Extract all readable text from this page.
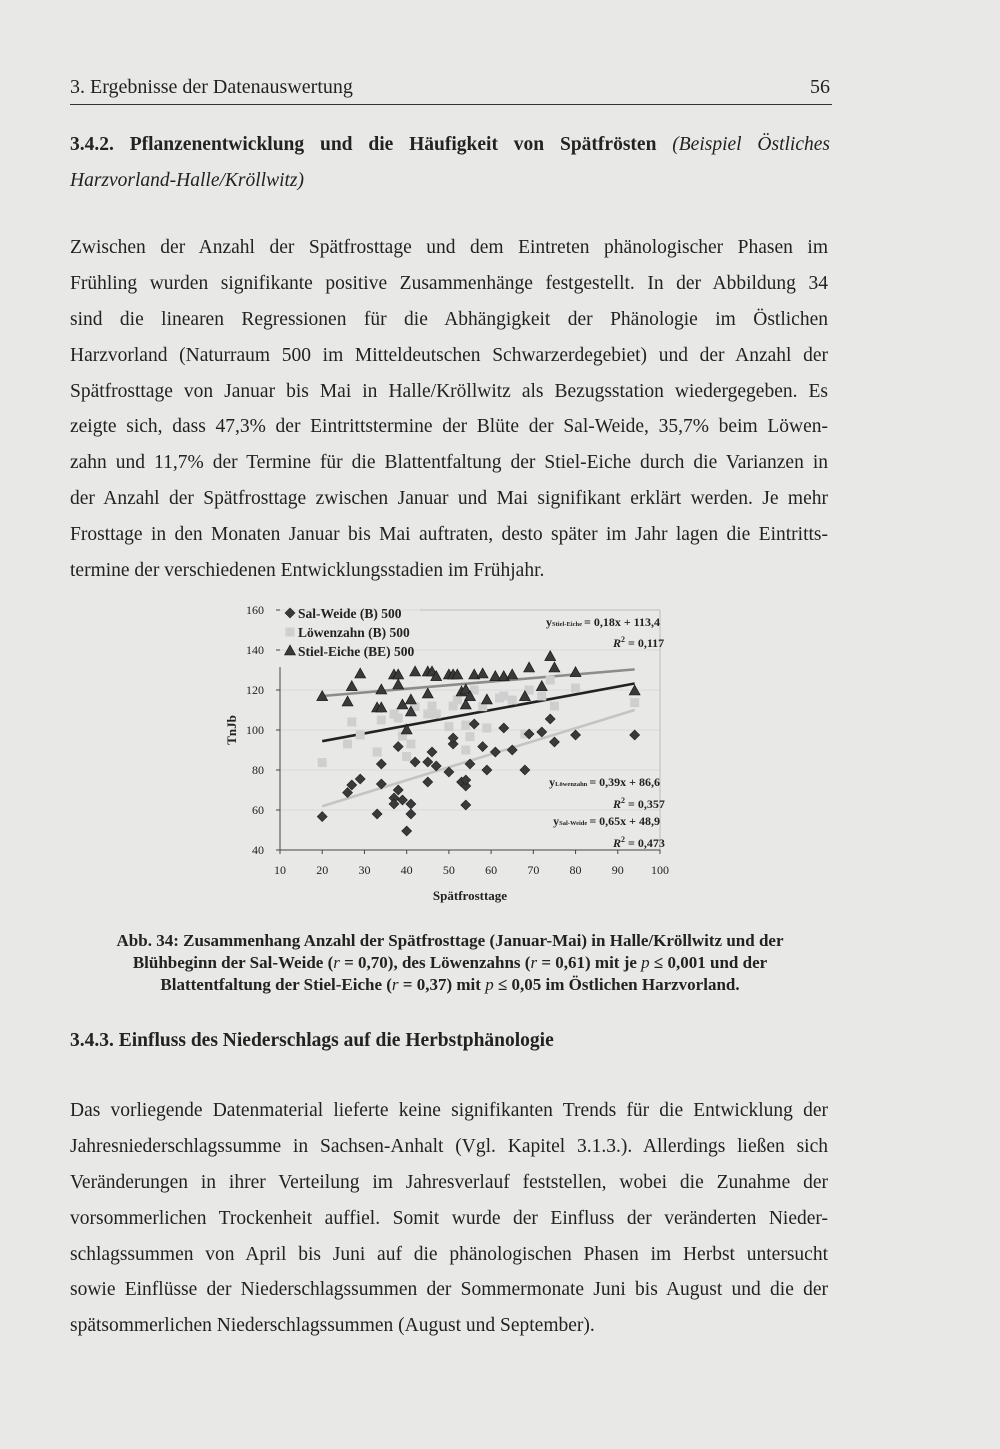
3. Ergebnisse der Datenauswertung	56
3.4.2. Pflanzenentwicklung und die Häufigkeit von Spätfrösten (Beispiel Östliches
Harzvorland-Halle/Kröllwitz)
Zwischen der Anzahl der Spätfrosttage und dem Eintreten phänologischer Phasen im
Frühling wurden signifikante positive Zusammenhänge festgestellt. In der Abbildung 34
sind die linearen Regressionen für die Abhängigkeit der Phänologie im Östlichen
Harzvorland (Naturraum 500 im Mitteldeutschen Schwarzerdegebiet) und der Anzahl der
Spätfrosttage von Januar bis Mai in Halle/Kröllwitz als Bezugsstation wiedergegeben. Es
zeigte sich, dass 47,3% der Eintrittstermine der Blüte der Sal-Weide, 35,7% beim Löwen-
zahn und 11,7% der Termine für die Blattentfaltung der Stiel-Eiche durch die Varianzen in
der Anzahl der Spätfrosttage zwischen Januar und Mai signifikant erklärt werden. Je mehr
Frosttage in den Monaten Januar bis Mai auftraten, desto später im Jahr lagen die Eintritts-
termine der verschiedenen Entwicklungsstadien im Frühjahr.
40
60
80
100
120
140
160
10	20	30	40	50	60	70	80	90 100
Spätfrosttage
TnJb
Sal-Weide (B) 500
Löwenzahn (B) 500
Stiel-Eiche (BE) 500
ySal-Weide = 0,65x + 48,9
$R^2 = 0,473$
yLöwenzahn = 0,39x + 86,6
$R^2 = 0,357$
yStiel-Eiche = 0,18x + 113,4
$R^2 = 0,117$
Abb. 34: Zusammenhang Anzahl der Spätfrosttage (Januar-Mai) in Halle/Kröllwitz und der
Blühbeginn der Sal-Weide (r = 0,70), des Löwenzahns (r = 0,61) mit je p ≤ 0,001 und der
Blattentfaltung der Stiel-Eiche (r = 0,37) mit p ≤ 0,05 im Östlichen Harzvorland.
3.4.3. Einfluss des Niederschlags auf die Herbstphänologie
Das vorliegende Datenmaterial lieferte keine signifikanten Trends für die Entwicklung der
Jahresniederschlagssumme in Sachsen-Anhalt (Vgl. Kapitel 3.1.3.). Allerdings ließen sich
Veränderungen in ihrer Verteilung im Jahresverlauf feststellen, wobei die Zunahme der
vorsommerlichen Trockenheit auffiel. Somit wurde der Einfluss der veränderten Nieder-
schlagssummen von April bis Juni auf die phänologischen Phasen im Herbst untersucht
sowie Einflüsse der Niederschlagssummen der Sommermonate Juni bis August und die der
spätsommerlichen Niederschlagssummen (August und September).
